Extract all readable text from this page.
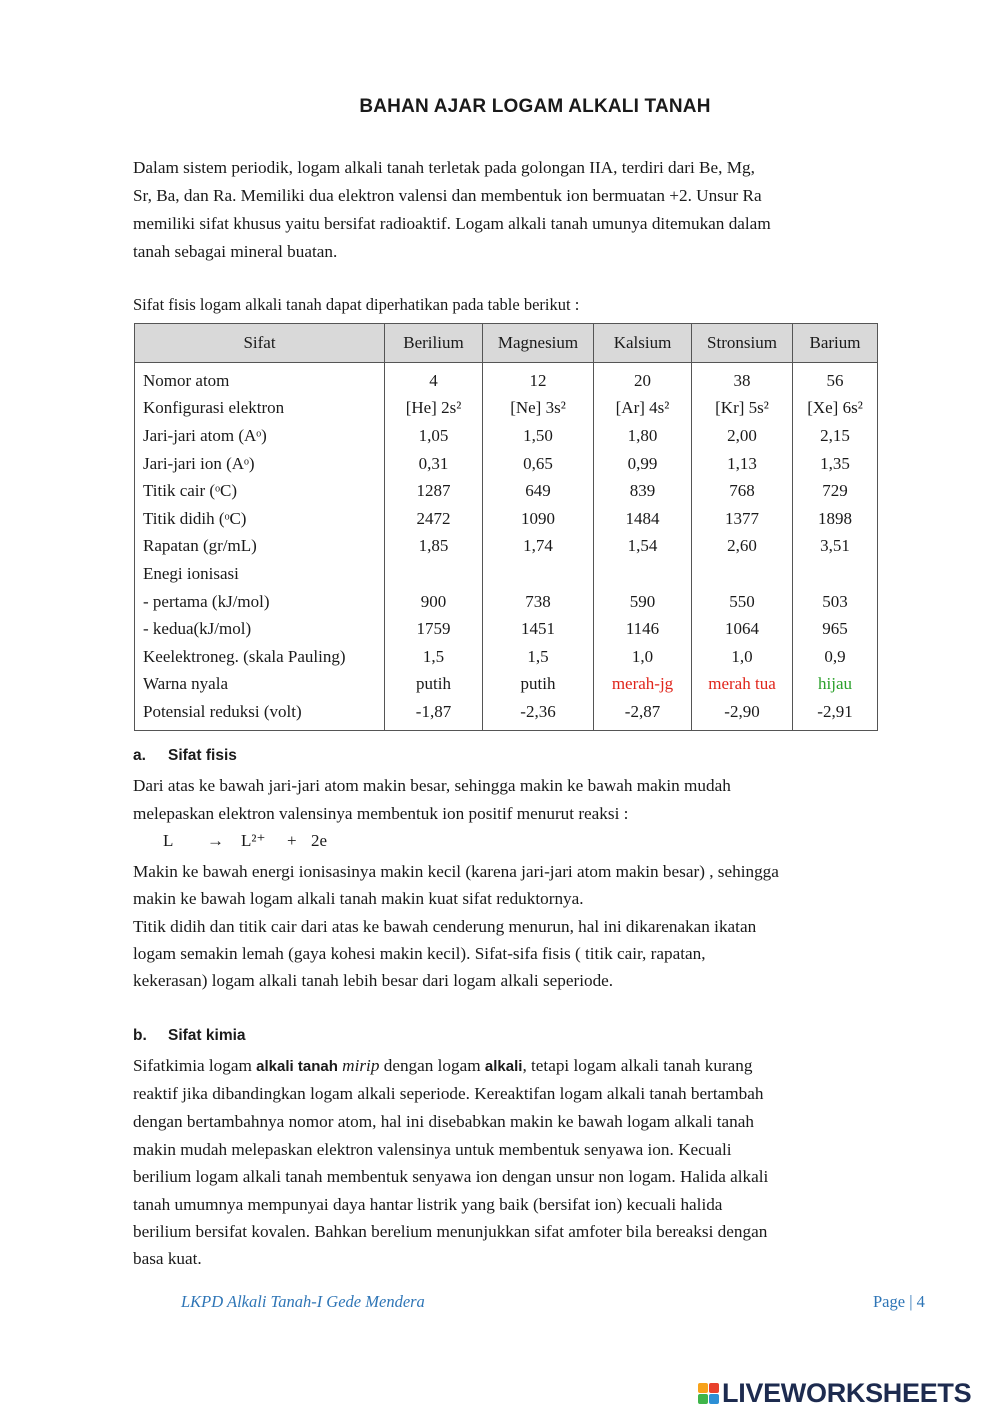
BAHAN AJAR LOGAM ALKALI TANAH

Dalam sistem periodik, logam alkali tanah terletak pada golongan IIA, terdiri dari Be, Mg,

Sr, Ba, dan Ra. Memiliki dua elektron valensi dan membentuk ion bermuatan +2. Unsur Ra

memiliki sifat khusus yaitu bersifat radioaktif. Logam alkali tanah umunya ditemukan dalam

tanah sebagai mineral buatan.

Sifat fisis logam alkali tanah dapat diperhatikan pada table berikut :

Sifat	Berilium	Magnesium	Kalsium	Stronsium	Barium
Nomor atom	4	12	20	38	56
Konfigurasi elektron	[He] 2s²	[Ne] 3s²	[Ar] 4s²	[Kr] 5s²	[Xe] 6s²
Jari-jari atom (Aᵒ)	1,05	1,50	1,80	2,00	2,15
Jari-jari ion (Aᵒ)	0,31	0,65	0,99	1,13	1,35
Titik cair (ᵒC)	1287	649	839	768	729
Titik didih (ᵒC)	2472	1090	1484	1377	1898
Rapatan (gr/mL)	1,85	1,74	1,54	2,60	3,51
Enegi ionisasi					
- pertama (kJ/mol)	900	738	590	550	503
- kedua(kJ/mol)	1759	1451	1146	1064	965
Keelektroneg. (skala Pauling)	1,5	1,5	1,0	1,0	0,9
Warna nyala	putih	putih	merah-jg	merah tua	hijau
Potensial reduksi (volt)	-1,87	-2,36	-2,87	-2,90	-2,91
a. Sifat fisis

Dari atas ke bawah jari-jari atom makin besar, sehingga makin ke bawah makin mudah

melepaskan elektron valensinya membentuk ion positif menurut reaksi :

L → L²⁺ + 2e

Makin ke bawah energi ionisasinya makin kecil (karena jari-jari atom makin besar) , sehingga

makin ke bawah logam alkali tanah makin kuat sifat reduktornya.

Titik didih dan titik cair dari atas ke bawah cenderung menurun, hal ini dikarenakan ikatan

logam semakin lemah (gaya kohesi makin kecil). Sifat-sifa fisis ( titik cair, rapatan,

kekerasan) logam alkali tanah lebih besar dari logam alkali seperiode.

b. Sifat kimia

Sifatkimia logam alkali tanah mirip dengan logam alkali, tetapi logam alkali tanah kurang

reaktif jika dibandingkan logam alkali seperiode. Kereaktifan logam alkali tanah bertambah

dengan bertambahnya nomor atom, hal ini disebabkan makin ke bawah logam alkali tanah

makin mudah melepaskan elektron valensinya untuk membentuk senyawa ion. Kecuali

berilium logam alkali tanah membentuk senyawa ion dengan unsur non logam. Halida alkali

tanah umumnya mempunyai daya hantar listrik yang baik (bersifat ion) kecuali halida

berilium bersifat kovalen. Bahkan berelium menunjukkan sifat amfoter bila bereaksi dengan

basa kuat.

LKPD Alkali Tanah-I Gede Mendera	Page | 4

LIVEWORKSHEETS
